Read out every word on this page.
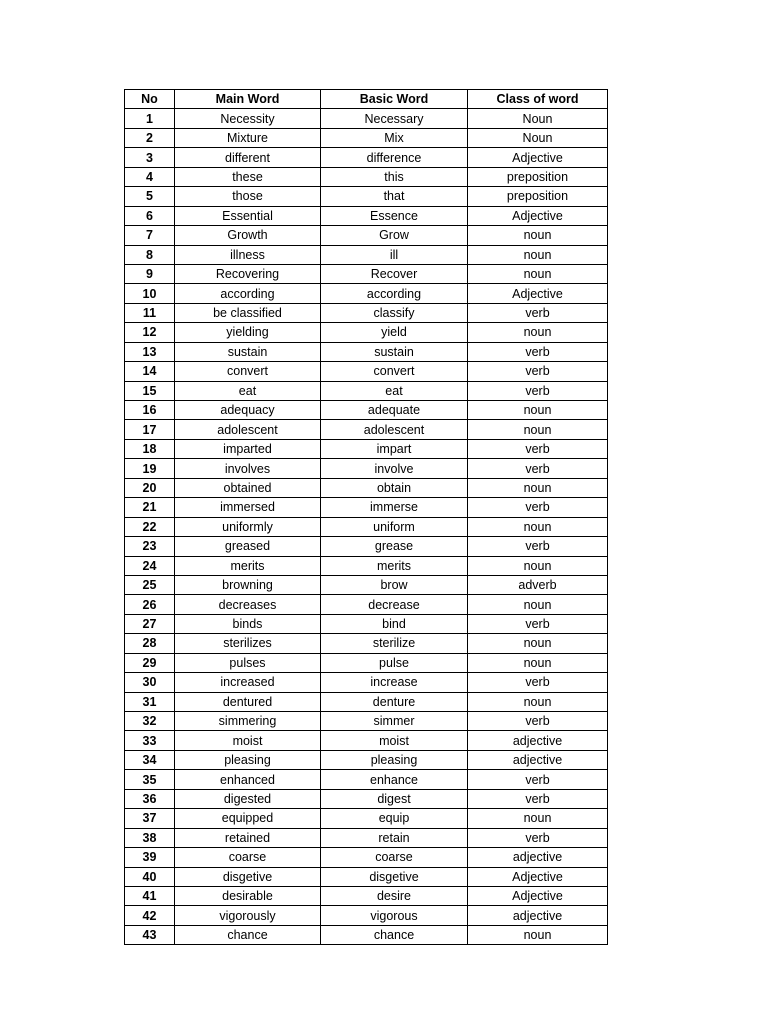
No	Main Word	Basic Word	Class of word
1	Necessity	Necessary	Noun
2	Mixture	Mix	Noun
3	different	difference	Adjective
4	these	this	preposition
5	those	that	preposition
6	Essential	Essence	Adjective
7	Growth	Grow	noun
8	illness	ill	noun
9	Recovering	Recover	noun
10	according	according	Adjective
11	be classified	classify	verb
12	yielding	yield	noun
13	sustain	sustain	verb
14	convert	convert	verb
15	eat	eat	verb
16	adequacy	adequate	noun
17	adolescent	adolescent	noun
18	imparted	impart	verb
19	involves	involve	verb
20	obtained	obtain	noun
21	immersed	immerse	verb
22	uniformly	uniform	noun
23	greased	grease	verb
24	merits	merits	noun
25	browning	brow	adverb
26	decreases	decrease	noun
27	binds	bind	verb
28	sterilizes	sterilize	noun
29	pulses	pulse	noun
30	increased	increase	verb
31	dentured	denture	noun
32	simmering	simmer	verb
33	moist	moist	adjective
34	pleasing	pleasing	adjective
35	enhanced	enhance	verb
36	digested	digest	verb
37	equipped	equip	noun
38	retained	retain	verb
39	coarse	coarse	adjective
40	disgetive	disgetive	Adjective
41	desirable	desire	Adjective
42	vigorously	vigorous	adjective
43	chance	chance	noun
